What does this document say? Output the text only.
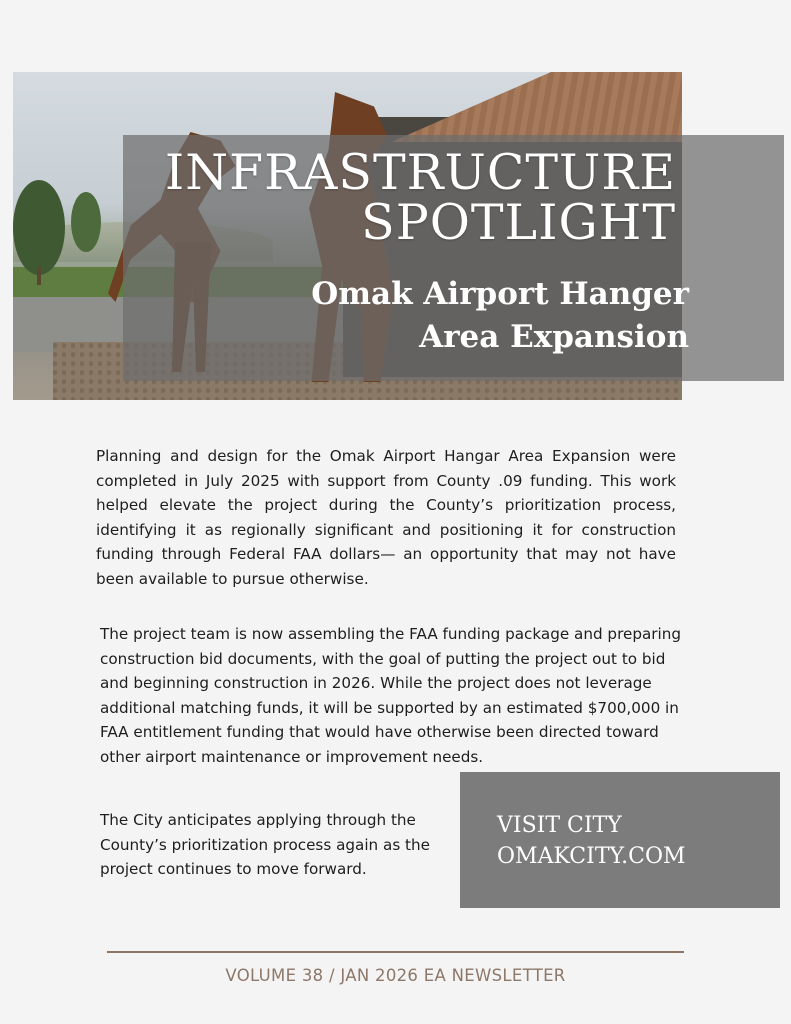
INFRASTRUCTURE
SPOTLIGHT
Omak Airport Hanger
Area Expansion

Planning and design for the Omak Airport Hangar Area Expansion were completed in July 2025 with support from County .09 funding. This work helped elevate the project during the County’s prioritization process, identifying it as regionally significant and positioning it for construction funding through Federal FAA dollars— an opportunity that may not have been available to pursue otherwise.

The project team is now assembling the FAA funding package and preparing construction bid documents, with the goal of putting the project out to bid and beginning construction in 2026. While the project does not leverage additional matching funds, it will be supported by an estimated $700,000 in FAA entitlement funding that would have otherwise been directed toward other airport maintenance or improvement needs.

The City anticipates applying through the County’s prioritization process again as the project continues to move forward.

VISIT CITY
OMAKCITY.COM

VOLUME 38 / JAN 2026 EA NEWSLETTER
